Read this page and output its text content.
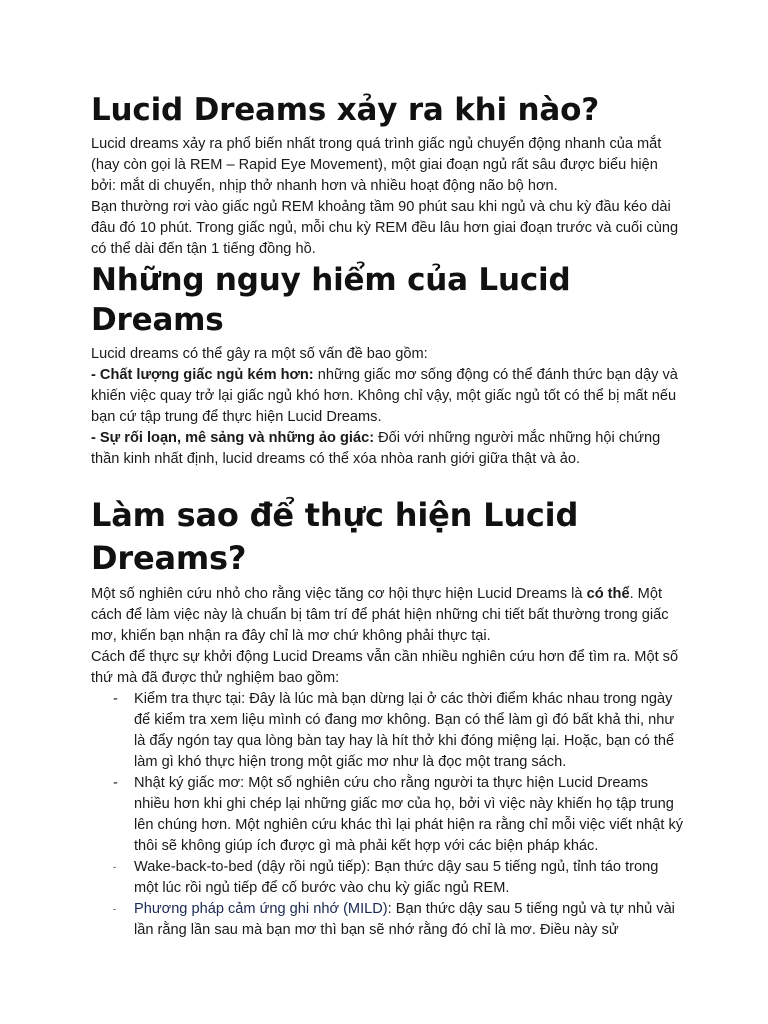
Lucid Dreams xảy ra khi nào?

Lucid dreams xảy ra phổ biến nhất trong quá trình giấc ngủ chuyển động nhanh của mắt (hay còn gọi là REM – Rapid Eye Movement), một giai đoạn ngủ rất sâu được biểu hiện bởi: mắt di chuyển, nhịp thở nhanh hơn và nhiều hoạt động não bộ hơn.

Bạn thường rơi vào giấc ngủ REM khoảng tầm 90 phút sau khi ngủ và chu kỳ đầu kéo dài đâu đó 10 phút. Trong giấc ngủ, mỗi chu kỳ REM đều lâu hơn giai đoạn trước và cuối cùng có thể dài đến tận 1 tiếng đồng hồ.

Những nguy hiểm của Lucid Dreams

Lucid dreams có thể gây ra một số vấn đề bao gồm:

- Chất lượng giấc ngủ kém hơn: những giấc mơ sống động có thể đánh thức bạn dậy và khiến việc quay trở lại giấc ngủ khó hơn. Không chỉ vậy, một giấc ngủ tốt có thể bị mất nếu bạn cứ tập trung để thực hiện Lucid Dreams.

- Sự rối loạn, mê sảng và những ảo giác: Đối với những người mắc những hội chứng thần kinh nhất định, lucid dreams có thể xóa nhòa ranh giới giữa thật và ảo.

Làm sao để thực hiện Lucid Dreams?

Một số nghiên cứu nhỏ cho rằng việc tăng cơ hội thực hiện Lucid Dreams là có thể. Một cách để làm việc này là chuẩn bị tâm trí để phát hiện những chi tiết bất thường trong giấc mơ, khiến bạn nhận ra đây chỉ là mơ chứ không phải thực tại.

Cách để thực sự khởi động Lucid Dreams vẫn cần nhiều nghiên cứu hơn để tìm ra. Một số thứ mà đã được thử nghiệm bao gồm:

- Kiểm tra thực tại: Đây là lúc mà bạn dừng lại ở các thời điểm khác nhau trong ngày để kiểm tra xem liệu mình có đang mơ không. Bạn có thể làm gì đó bất khả thi, như là đẩy ngón tay qua lòng bàn tay hay là hít thở khi đóng miệng lại. Hoặc, bạn có thể làm gì khó thực hiện trong một giấc mơ như là đọc một trang sách.
- Nhật ký giấc mơ: Một số nghiên cứu cho rằng người ta thực hiện Lucid Dreams nhiều hơn khi ghi chép lại những giấc mơ của họ, bởi vì việc này khiến họ tập trung lên chúng hơn. Một nghiên cứu khác thì lại phát hiện ra rằng chỉ mỗi việc viết nhật ký thôi sẽ không giúp ích được gì mà phải kết hợp với các biện pháp khác.
- Wake-back-to-bed (dậy rồi ngủ tiếp): Bạn thức dậy sau 5 tiếng ngủ, tỉnh táo trong một lúc rồi ngủ tiếp để cố bước vào chu kỳ giấc ngủ REM.
- Phương pháp cảm ứng ghi nhớ (MILD): Bạn thức dậy sau 5 tiếng ngủ và tự nhủ vài lần rằng lần sau mà bạn mơ thì bạn sẽ nhớ rằng đó chỉ là mơ. Điều này sử
